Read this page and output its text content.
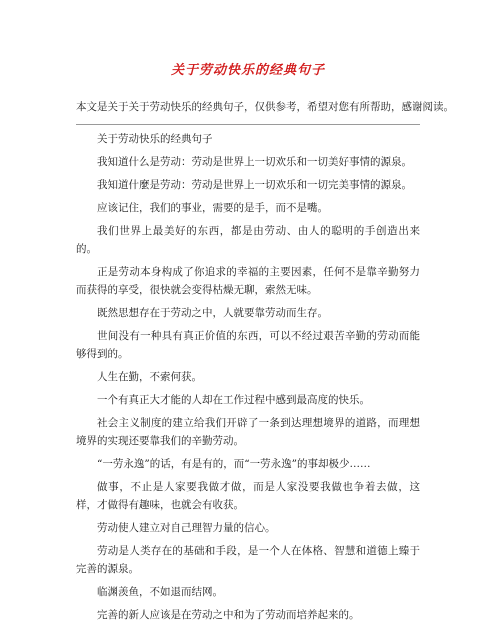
关于劳动快乐的经典句子
本文是关于关于劳动快乐的经典句子，仅供参考，希望对您有所帮助，感谢阅读。

关于劳动快乐的经典句子

我知道什么是劳动：劳动是世界上一切欢乐和一切美好事情的源泉。

我知道什麼是劳动：劳动是世界上一切欢乐和一切完美事情的源泉。

应该记住，我们的事业，需要的是手，而不是嘴。

我们世界上最美好的东西，都是由劳动、由人的聪明的手创造出来的。

正是劳动本身构成了你追求的幸福的主要因素，任何不是靠辛勤努力而获得的享受，很快就会变得枯燥无聊，索然无味。

既然思想存在于劳动之中，人就要靠劳动而生存。

世间没有一种具有真正价值的东西，可以不经过艰苦辛勤的劳动而能够得到的。

人生在勤，不索何获。

一个有真正大才能的人却在工作过程中感到最高度的快乐。

社会主义制度的建立给我们开辟了一条到达理想境界的道路，而理想境界的实现还要靠我们的辛勤劳动。

“一劳永逸”的话，有是有的，而“一劳永逸”的事却极少……

做事，不止是人家要我做才做，而是人家没要我做也争着去做，这样，才做得有趣味，也就会有收获。

劳动使人建立对自己理智力量的信心。

劳动是人类存在的基础和手段，是一个人在体格、智慧和道德上臻于完善的源泉。

临渊羡鱼，不如退而结网。

完善的新人应该是在劳动之中和为了劳动而培养起来的。
